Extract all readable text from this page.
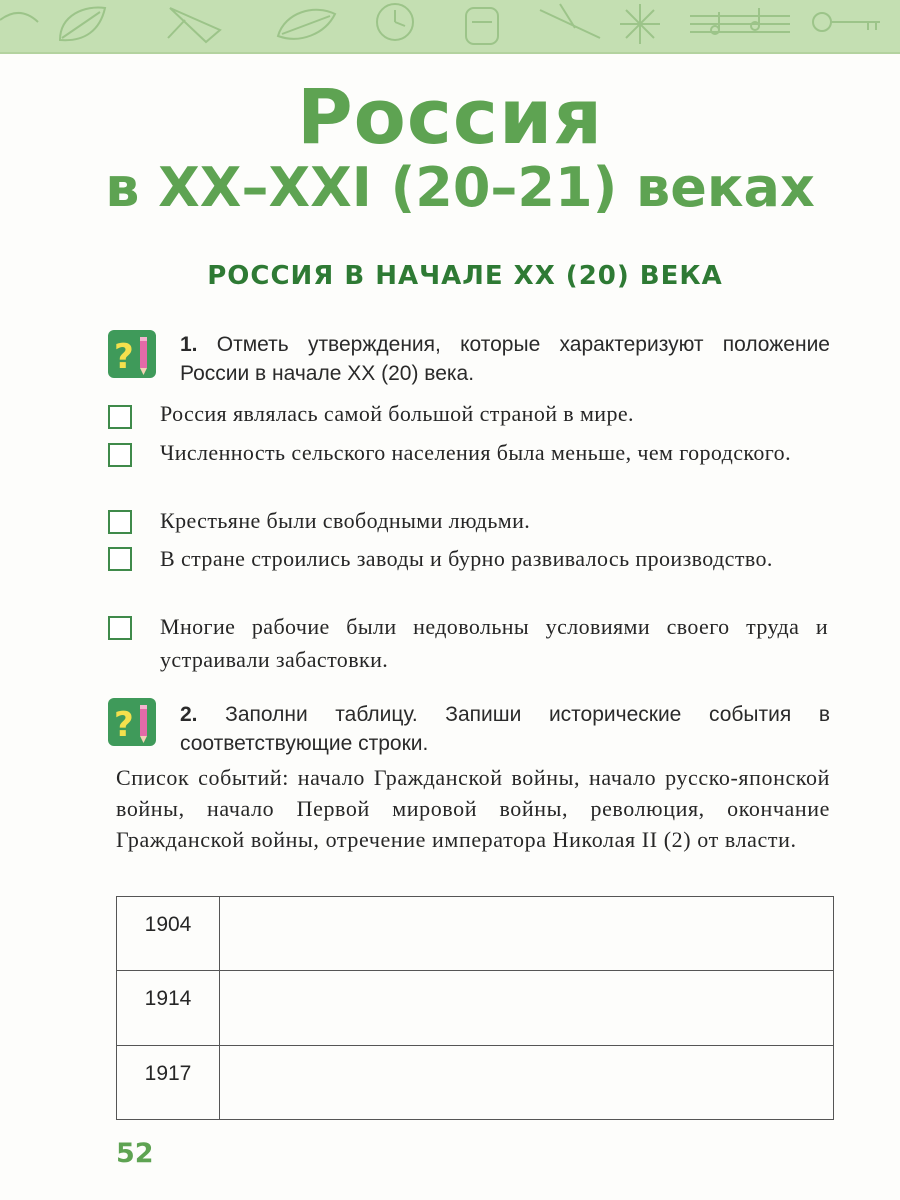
Россия
в XX–XXI (20–21) веках
РОССИЯ В НАЧАЛЕ XX (20) ВЕКА
? 1. Отметь утверждения, которые характеризуют положение России в начале XX (20) века.
Россия являлась самой большой страной в мире.
Численность сельского населения была меньше, чем городского.
Крестьяне были свободными людьми.
В стране строились заводы и бурно развивалось производство.
Многие рабочие были недовольны условиями своего труда и устраивали забастовки.
? 2. Заполни таблицу. Запиши исторические события в соответствующие строки.
Список событий: начало Гражданской войны, начало русско-японской войны, начало Первой мировой войны, революция, окончание Гражданской войны, отречение императора Николая II (2) от власти.
1904	
1914	
1917	
52
